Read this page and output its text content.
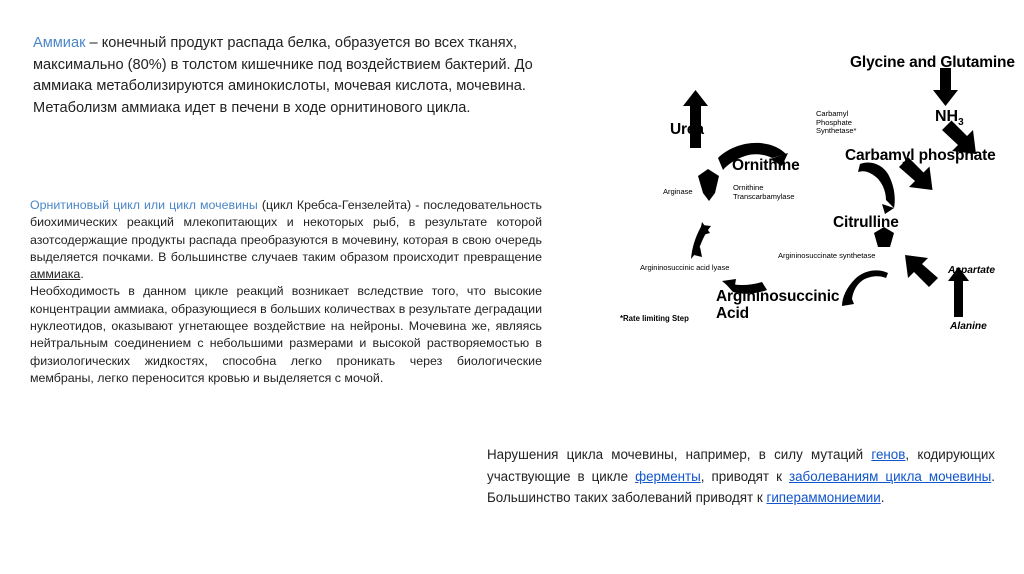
Аммиак – конечный продукт распада белка, образуется во всех тканях, максимально (80%) в толстом кишечнике под воздействием бактерий. До аммиака метаболизируются аминокислоты, мочевая кислота, мочевина. Метаболизм аммиака идет в печени в ходе орнитинового цикла.

Орнитиновый цикл или цикл мочевины (цикл Кребса-Гензелейта) - последовательность биохимических реакций млекопитающих и некоторых рыб, в результате которой азотсодержащие продукты распада преобразуются в мочевину, которая в свою очередь выделяется почками. В большинстве случаев таким образом происходит превращение аммиака.

Необходимость в данном цикле реакций возникает вследствие того, что высокие концентрации аммиака, образующиеся в больших количествах в результате деградации нуклеотидов, оказывают угнетающее воздействие на нейроны. Мочевина же, являясь нейтральным соединением с небольшими размерами и высокой растворяемостью в физиологических жидкостях, способна легко проникать через биологические мембраны, легко переносится кровью и выделяется с мочой.

Нарушения цикла мочевины, например, в силу мутаций генов, кодирующих участвующие в цикле ферменты, приводят к заболеваниям цикла мочевины. Большинство таких заболеваний приводят к гипераммониемии.
Glycine and Glutamine
$NH_3$
Carbamyl phosphate
Carbamyl
Phosphate
Synthetase*
Urea
Ornithine
Arginase	Ornithine
Transcarbamylase
Citrulline
Argininosuccinate synthetase
Aspartate
Alanine
Argininosuccinic acid lyase
Argininosuccinic
Acid
*Rate limiting Step
